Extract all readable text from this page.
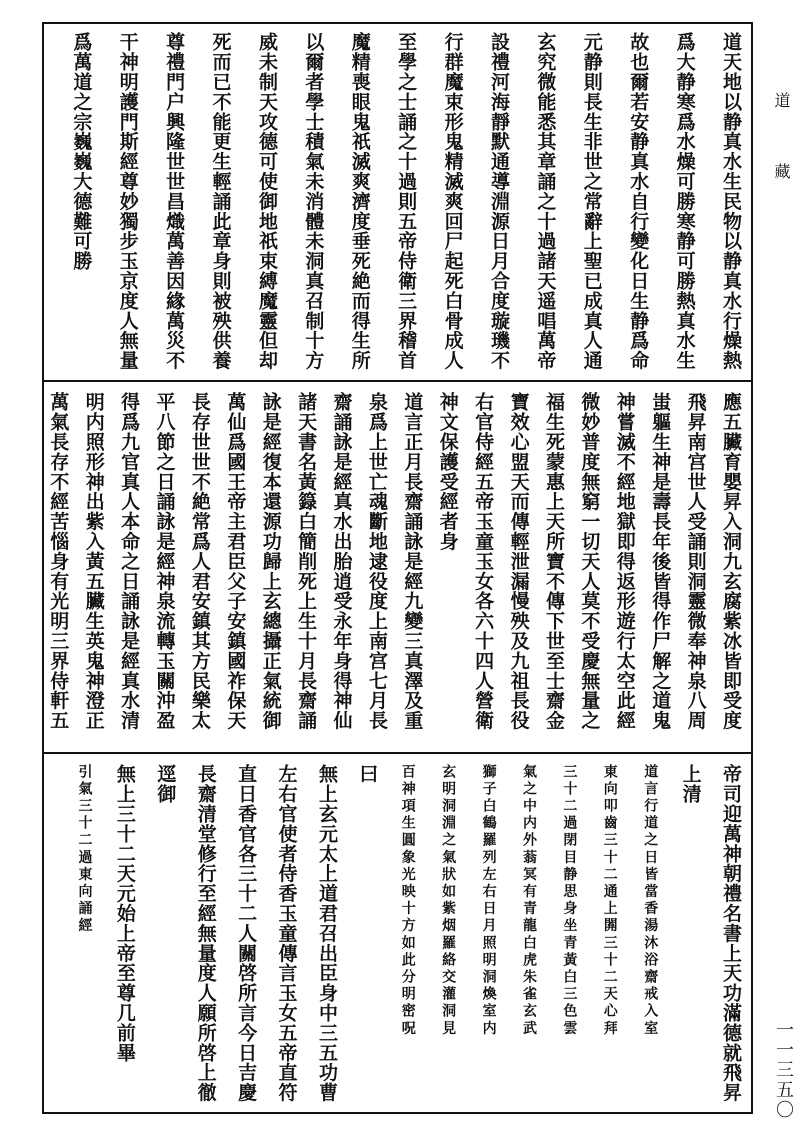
道天地以静真水生民物以静真水行燥熱
爲大静寒爲水燥可勝寒静可勝熱真水生
故也爾若安静真水自行變化日生静爲命
元静則長生非世之常辭上聖已成真人通
玄究微能悉其章誦之十過諸天遥唱萬帝
設禮河海靜默通導淵源日月合度璇璣不
行群魔束形鬼精滅爽回尸起死白骨成人
至學之士誦之十過則五帝侍衛三界稽首
魔精喪眼鬼祇滅爽濟度垂死絶而得生所
以爾者學士積氣未消體未洞真召制十方
威未制天攻德可使御地祇束縛魔靈但却
死而已不能更生輕誦此章身則被殃供養
尊禮門户興隆世世昌熾萬善因緣萬災不
干神明護門斯經尊妙獨步玉京度人無量
爲萬道之宗巍巍大德難可勝
應五臟育嬰昇入洞九玄腐紫冰皆即受度
飛昇南宫世人受誦則洞靈微奉神泉八周
蚩軀生神是壽長年後皆得作尸解之道鬼
神嘗滅不經地獄即得返形遊行太空此經
微妙普度無窮一切天人莫不受慶無量之
福生死蒙惠上天所寶不傳下世至士齋金
寶效心盟天而傳輕泄漏慢殃及九祖長役
右官侍經五帝玉童玉女各六十四人營衛
神文保護受經者身
道言正月長齋誦詠是經九變三真澤及重
泉爲上世亡魂斷地逮役度上南宫七月長
齋誦詠是經真水出胎逍受永年身得神仙
諸天書名黃籙白簡削死上生十月長齋誦
詠是經復本還源功歸上玄總攝正氣統御
萬仙爲國王帝主君臣父子安鎮國祚保天
長存世世不絶常爲人君安鎮其方民樂太
平八節之日誦詠是經神泉流轉玉關沖盈
得爲九官真人本命之日誦詠是經真水清
明内照形神出紫入黃五臟生英鬼神澄正
萬氣長存不經苦惱身有光明三界侍軒五
帝司迎萬神朝禮名書上天功滿德就飛昇
上清
道言行道之日皆當香湯沐浴齋戒入室
東向叩齒三十二通上閞三十二天心拜
三十二過閉目静思身坐青黃白三色雲
氣之中内外蓊冥有青龍白虎朱雀玄武
獅子白鶴羅列左右日月照明洞煥室内
玄明洞淵之氣狀如紫烟羅絡交灌洞見
百神項生圓象光映十方如此分明密呪
曰
無上玄元太上道君召出臣身中三五功曹
左右官使者侍香玉童傳言玉女五帝直符
直日香官各三十二人關啓所言今日吉慶
長齋清堂修行至經無量度人願所啓上徹
逕御
無上三十二天元始上帝至尊几前畢
引氣三十二過東向誦經
道藏
一一三五〇
